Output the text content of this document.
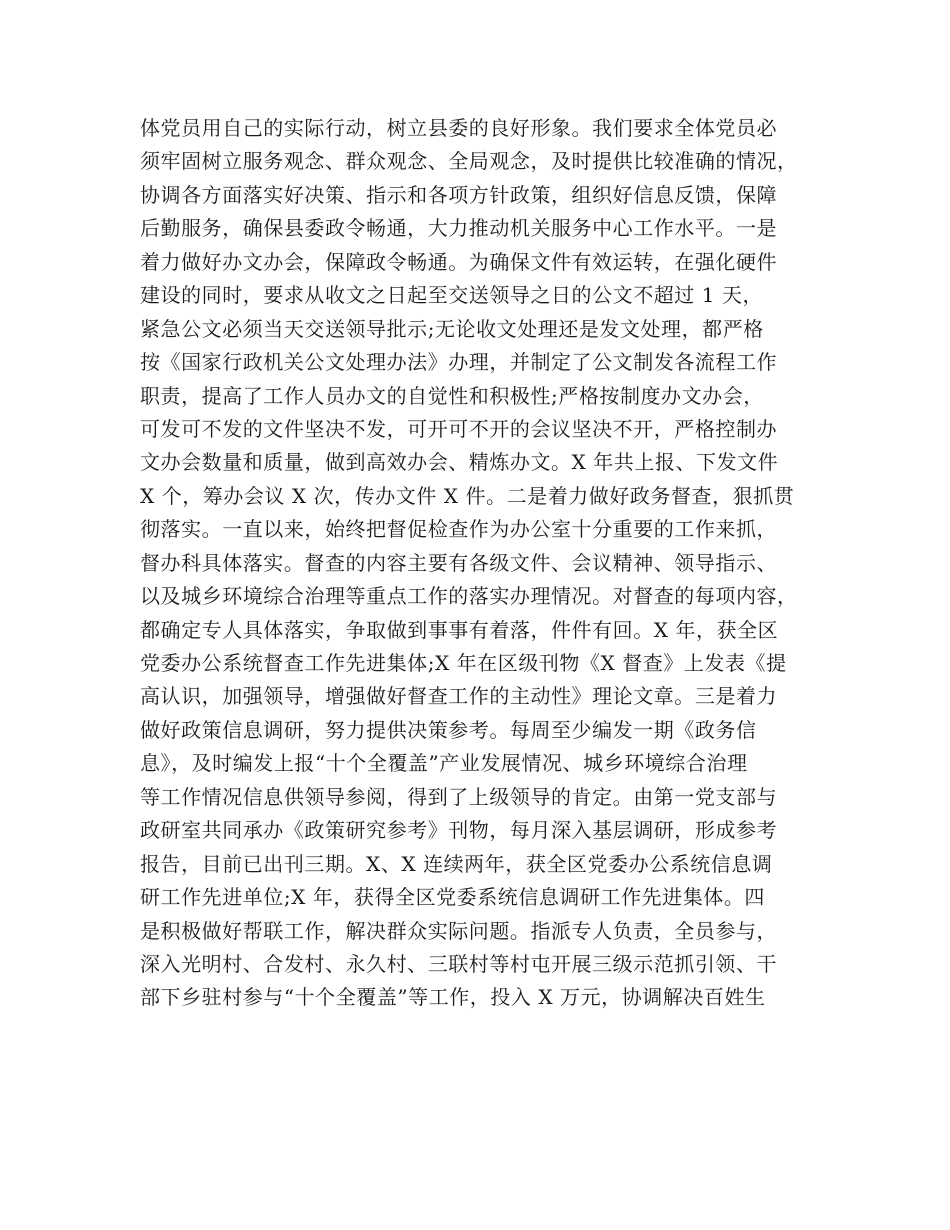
体党员用自己的实际行动，树立县委的良好形象。我们要求全体党员必
须牢固树立服务观念、群众观念、全局观念，及时提供比较准确的情况，
协调各方面落实好决策、指示和各项方针政策，组织好信息反馈，保障
后勤服务，确保县委政令畅通，大力推动机关服务中心工作水平。一是
着力做好办文办会，保障政令畅通。为确保文件有效运转，在强化硬件
建设的同时，要求从收文之日起至交送领导之日的公文不超过 1 天，
紧急公文必须当天交送领导批示;无论收文处理还是发文处理，都严格
按《国家行政机关公文处理办法》办理，并制定了公文制发各流程工作
职责，提高了工作人员办文的自觉性和积极性;严格按制度办文办会，
可发可不发的文件坚决不发，可开可不开的会议坚决不开，严格控制办
文办会数量和质量，做到高效办会、精炼办文。X 年共上报、下发文件
X 个，筹办会议 X 次，传办文件 X 件。二是着力做好政务督查，狠抓贯
彻落实。一直以来，始终把督促检查作为办公室十分重要的工作来抓，
督办科具体落实。督查的内容主要有各级文件、会议精神、领导指示、
以及城乡环境综合治理等重点工作的落实办理情况。对督查的每项内容，
都确定专人具体落实，争取做到事事有着落，件件有回。X 年，获全区
党委办公系统督查工作先进集体;X 年在区级刊物《X 督查》上发表《提
高认识，加强领导，增强做好督查工作的主动性》理论文章。三是着力
做好政策信息调研，努力提供决策参考。每周至少编发一期《政务信
息》，及时编发上报“十个全覆盖”产业发展情况、城乡环境综合治理
等工作情况信息供领导参阅，得到了上级领导的肯定。由第一党支部与
政研室共同承办《政策研究参考》刊物，每月深入基层调研，形成参考
报告，目前已出刊三期。X、X 连续两年，获全区党委办公系统信息调
研工作先进单位;X 年，获得全区党委系统信息调研工作先进集体。四
是积极做好帮联工作，解决群众实际问题。指派专人负责，全员参与，
深入光明村、合发村、永久村、三联村等村屯开展三级示范抓引领、干
部下乡驻村参与“十个全覆盖”等工作，投入 X 万元，协调解决百姓生
